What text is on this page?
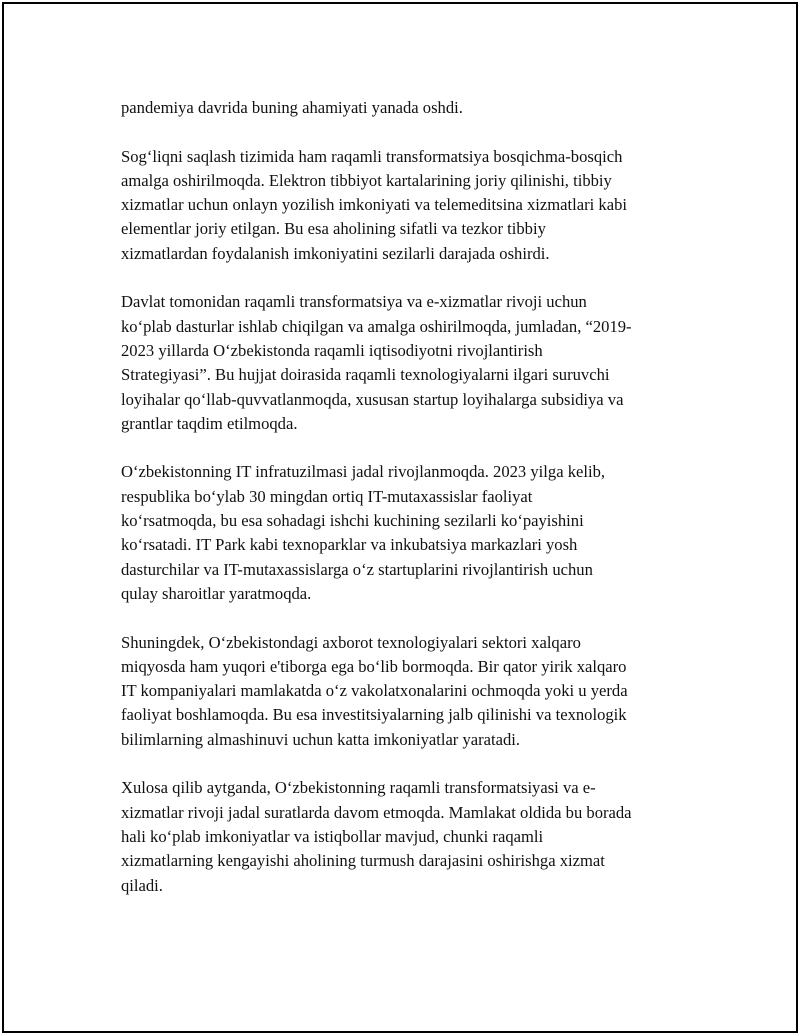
pandemiya davrida buning ahamiyati yanada oshdi.

Sog‘liqni saqlash tizimida ham raqamli transformatsiya bosqichma-bosqich
amalga oshirilmoqda. Elektron tibbiyot kartalarining joriy qilinishi, tibbiy
xizmatlar uchun onlayn yozilish imkoniyati va telemeditsina xizmatlari kabi
elementlar joriy etilgan. Bu esa aholining sifatli va tezkor tibbiy
xizmatlardan foydalanish imkoniyatini sezilarli darajada oshirdi.

Davlat tomonidan raqamli transformatsiya va e-xizmatlar rivoji uchun
ko‘plab dasturlar ishlab chiqilgan va amalga oshirilmoqda, jumladan, “2019-
2023 yillarda O‘zbekistonda raqamli iqtisodiyotni rivojlantirish
Strategiyasi”. Bu hujjat doirasida raqamli texnologiyalarni ilgari suruvchi
loyihalar qo‘llab-quvvatlanmoqda, xususan startup loyihalarga subsidiya va
grantlar taqdim etilmoqda.

O‘zbekistonning IT infratuzilmasi jadal rivojlanmoqda. 2023 yilga kelib,
respublika bo‘ylab 30 mingdan ortiq IT-mutaxassislar faoliyat
ko‘rsatmoqda, bu esa sohadagi ishchi kuchining sezilarli ko‘payishini
ko‘rsatadi. IT Park kabi texnoparklar va inkubatsiya markazlari yosh
dasturchilar va IT-mutaxassislarga o‘z startuplarini rivojlantirish uchun
qulay sharoitlar yaratmoqda.

Shuningdek, O‘zbekistondagi axborot texnologiyalari sektori xalqaro
miqyosda ham yuqori e'tiborga ega bo‘lib bormoqda. Bir qator yirik xalqaro
IT kompaniyalari mamlakatda o‘z vakolatxonalarini ochmoqda yoki u yerda
faoliyat boshlamoqda. Bu esa investitsiyalarning jalb qilinishi va texnologik
bilimlarning almashinuvi uchun katta imkoniyatlar yaratadi.

Xulosa qilib aytganda, O‘zbekistonning raqamli transformatsiyasi va e-
xizmatlar rivoji jadal suratlarda davom etmoqda. Mamlakat oldida bu borada
hali ko‘plab imkoniyatlar va istiqbollar mavjud, chunki raqamli
xizmatlarning kengayishi aholining turmush darajasini oshirishga xizmat
qiladi.
